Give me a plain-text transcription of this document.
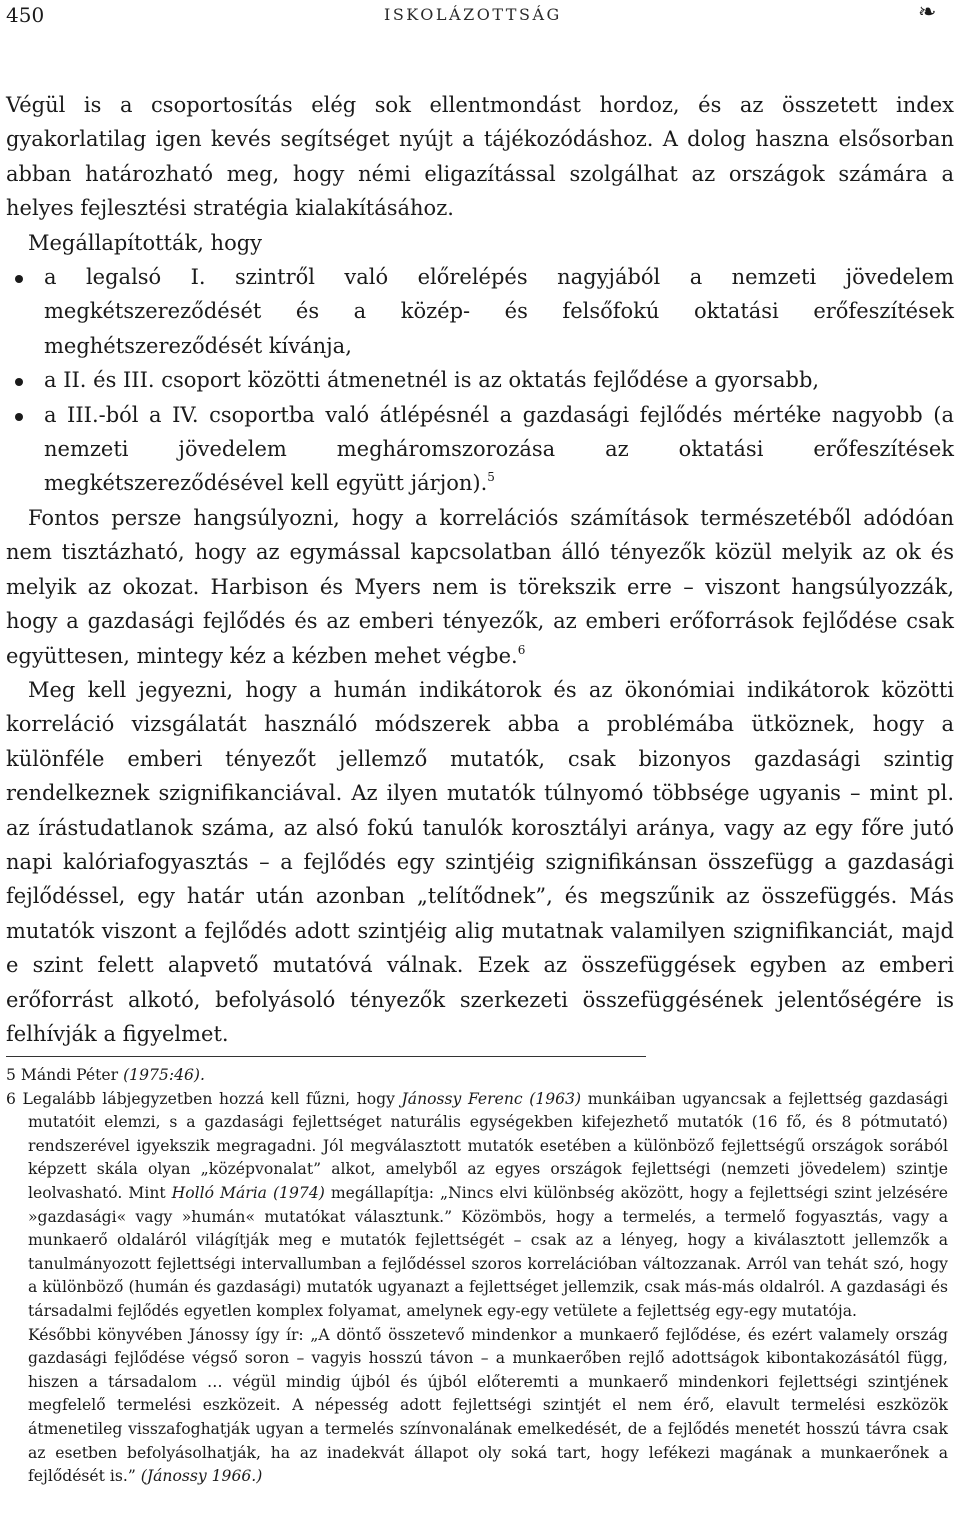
450	ISKOLÁZOTTSÁG	❧

Végül is a csoportosítás elég sok ellentmondást hordoz, és az összetett index gyakorlatilag igen kevés segítséget nyújt a tájékozódáshoz. A dolog haszna elsősorban abban határozható meg, hogy némi eligazítással szolgálhat az országok számára a helyes fejlesztési stratégia kialakításához.

Megállapították, hogy

a legalsó I. szintről való előrelépés nagyjából a nemzeti jövedelem megkétszereződését és a közép- és felsőfokú oktatási erőfeszítések meghétszereződését kívánja,
a II. és III. csoport közötti átmenetnél is az oktatás fejlődése a gyorsabb,
a III.-ból a IV. csoportba való átlépésnél a gazdasági fejlődés mértéke nagyobb (a nemzeti jövedelem megháromszorozása az oktatási erőfeszítések megkétszereződésével kell együtt járjon).$^5$

Fontos persze hangsúlyozni, hogy a korrelációs számítások természetéből adódóan nem tisztázható, hogy az egymással kapcsolatban álló tényezők közül melyik az ok és melyik az okozat. Harbison és Myers nem is törekszik erre – viszont hangsúlyozzák, hogy a gazdasági fejlődés és az emberi tényezők, az emberi erőforrások fejlődése csak együttesen, mintegy kéz a kézben mehet végbe.$^6$

Meg kell jegyezni, hogy a humán indikátorok és az ökonómiai indikátorok közötti korreláció vizsgálatát használó módszerek abba a problémába ütköznek, hogy a különféle emberi tényezőt jellemző mutatók, csak bizonyos gazdasági szintig rendelkeznek szignifikanciával. Az ilyen mutatók túlnyomó többsége ugyanis – mint pl. az írástudatlanok száma, az alsó fokú tanulók korosztályi aránya, vagy az egy főre jutó napi kalóriafogyasztás – a fejlődés egy szintjéig szignifikánsan összefügg a gazdasági fejlődéssel, egy határ után azonban „telítődnek”, és megszűnik az összefüggés. Más mutatók viszont a fejlődés adott szintjéig alig mutatnak valamilyen szignifikanciát, majd e szint felett alapvető mutatóvá válnak. Ezek az összefüggések egyben az emberi erőforrást alkotó, befolyásoló tényezők szerkezeti összefüggésének jelentőségére is felhívják a figyelmet.

5 Mándi Péter (1975:46).

6 Legalább lábjegyzetben hozzá kell fűzni, hogy Jánossy Ferenc (1963) munkáiban ugyancsak a fejlettség gazdasági mutatóit elemzi, s a gazdasági fejlettséget naturális egységekben kifejezhető mutatók (16 fő, és 8 pótmutató) rendszerével igyekszik megragadni. Jól megválasztott mutatók esetében a különböző fejlettségű országok sorából képzett skála olyan „középvonalat” alkot, amelyből az egyes országok fejlettségi (nemzeti jövedelem) szintje leolvasható. Mint Holló Mária (1974) megállapítja: „Nincs elvi különbség aközött, hogy a fejlettségi szint jelzésére »gazdasági« vagy »humán« mutatókat választunk.” Közömbös, hogy a termelés, a termelő fogyasztás, vagy a munkaerő oldaláról világítják meg e mutatók fejlettségét – csak az a lényeg, hogy a kiválasztott jellemzők a tanulmányozott fejlettségi intervallumban a fejlődéssel szoros korrelációban változzanak. Arról van tehát szó, hogy a különböző (humán és gazdasági) mutatók ugyanazt a fejlettséget jellemzik, csak más-más oldalról. A gazdasági és társadalmi fejlődés egyetlen komplex folyamat, amelynek egy-egy vetülete a fejlettség egy-egy mutatója.

Későbbi könyvében Jánossy így ír: „A döntő összetevő mindenkor a munkaerő fejlődése, és ezért valamely ország gazdasági fejlődése végső soron – vagyis hosszú távon – a munkaerőben rejlő adottságok kibontakozásától függ, hiszen a társadalom … végül mindig újból és újból előteremti a munkaerő mindenkori fejlettségi szintjének megfelelő termelési eszközeit. A népesség adott fejlettségi szintjét el nem érő, elavult termelési eszközök átmenetileg visszafoghatják ugyan a termelés színvonalának emelkedését, de a fejlődés menetét hosszú távra csak az esetben befolyásolhatják, ha az inadekvát állapot oly soká tart, hogy lefékezi magának a munkaerőnek a fejlődését is.” (Jánossy 1966.)
